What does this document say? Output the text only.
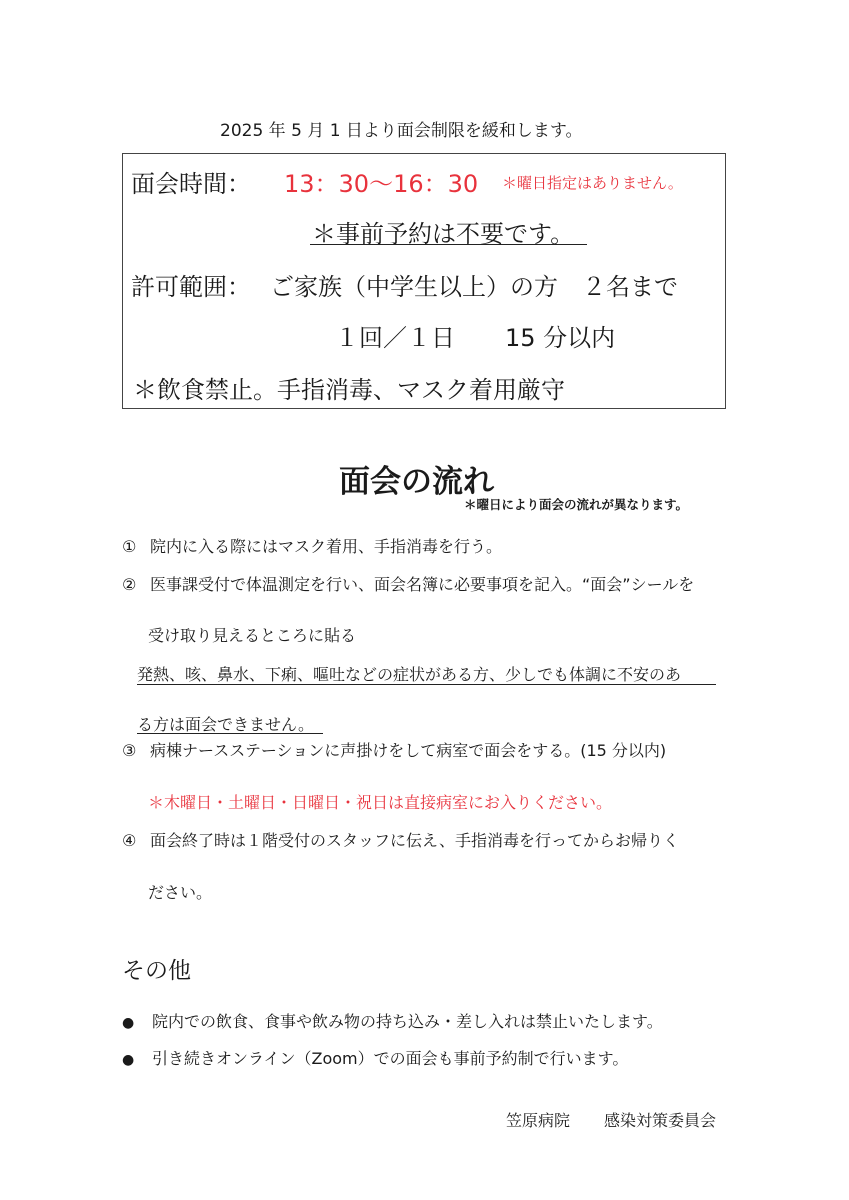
2025 年 5 月 1 日より面会制限を緩和します。
面会時間： 13：30〜16：30 ＊曜日指定はありません。
＊事前予約は不要です。
許可範囲： ご家族（中学生以上）の方　２名まで
１回／１日 15 分以内
＊飲食禁止。手指消毒、マスク着用厳守
面会の流れ
＊曜日により面会の流れが異なります。
① 院内に入る際にはマスク着用、手指消毒を行う。
② 医事課受付で体温測定を行い、面会名簿に必要事項を記入。“面会”シールを
受け取り見えるところに貼る
発熱、咳、鼻水、下痢、嘔吐などの症状がある方、少しでも体調に不安のあ
る方は面会できません。
③ 病棟ナースステーションに声掛けをして病室で面会をする。(15 分以内)
＊木曜日・土曜日・日曜日・祝日は直接病室にお入りください。
④ 面会終了時は１階受付のスタッフに伝え、手指消毒を行ってからお帰りく
ださい。
その他
● 院内での飲食、食事や飲み物の持ち込み・差し入れは禁止いたします。
● 引き続きオンライン（Zoom）での面会も事前予約制で行います。
笠原病院 感染対策委員会
